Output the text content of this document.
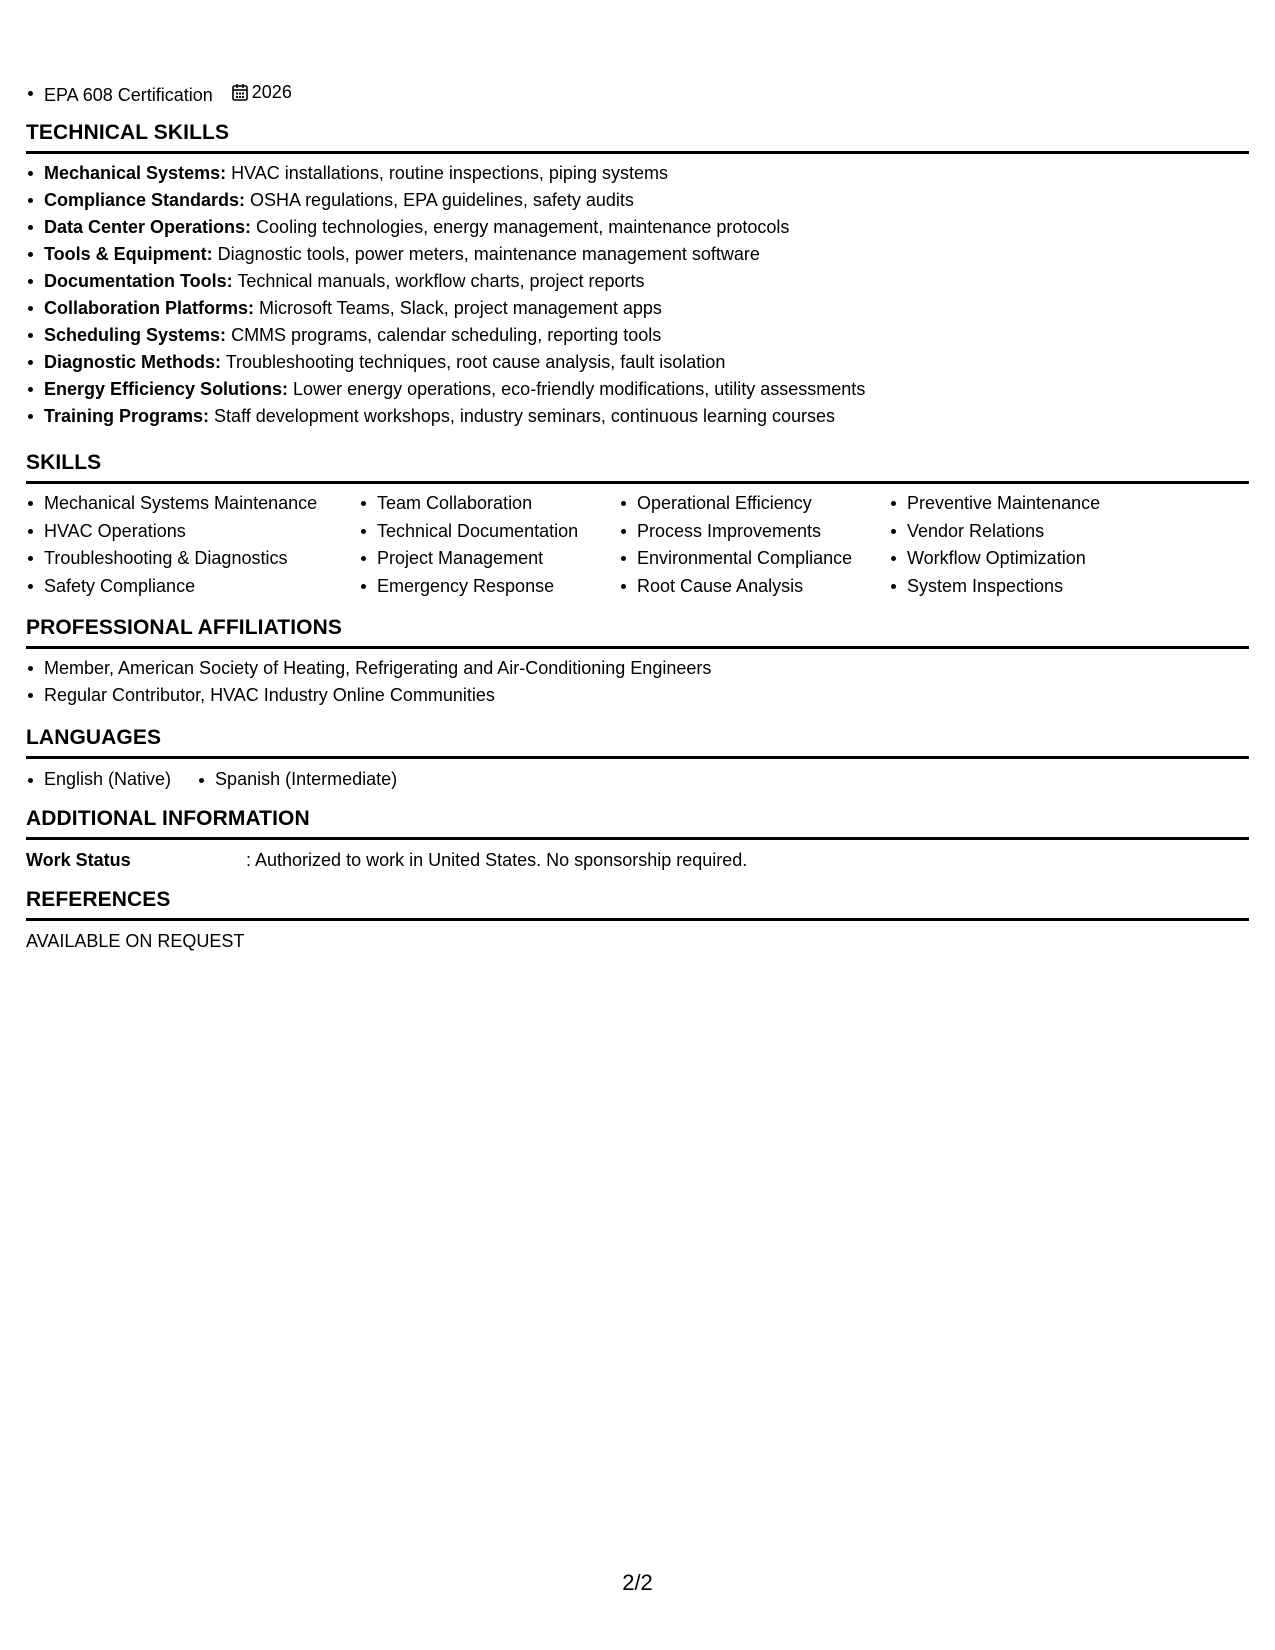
EPA 608 Certification 2026
TECHNICAL SKILLS
Mechanical Systems: HVAC installations, routine inspections, piping systems
Compliance Standards: OSHA regulations, EPA guidelines, safety audits
Data Center Operations: Cooling technologies, energy management, maintenance protocols
Tools & Equipment: Diagnostic tools, power meters, maintenance management software
Documentation Tools: Technical manuals, workflow charts, project reports
Collaboration Platforms: Microsoft Teams, Slack, project management apps
Scheduling Systems: CMMS programs, calendar scheduling, reporting tools
Diagnostic Methods: Troubleshooting techniques, root cause analysis, fault isolation
Energy Efficiency Solutions: Lower energy operations, eco-friendly modifications, utility assessments
Training Programs: Staff development workshops, industry seminars, continuous learning courses
SKILLS
Mechanical Systems Maintenance
HVAC Operations
Troubleshooting & Diagnostics
Safety Compliance
Team Collaboration
Technical Documentation
Project Management
Emergency Response
Operational Efficiency
Process Improvements
Environmental Compliance
Root Cause Analysis
Preventive Maintenance
Vendor Relations
Workflow Optimization
System Inspections
PROFESSIONAL AFFILIATIONS
Member, American Society of Heating, Refrigerating and Air-Conditioning Engineers
Regular Contributor, HVAC Industry Online Communities
LANGUAGES
English (Native)	Spanish (Intermediate)
ADDITIONAL INFORMATION
Work Status	: Authorized to work in United States. No sponsorship required.
REFERENCES
AVAILABLE ON REQUEST
2/2
